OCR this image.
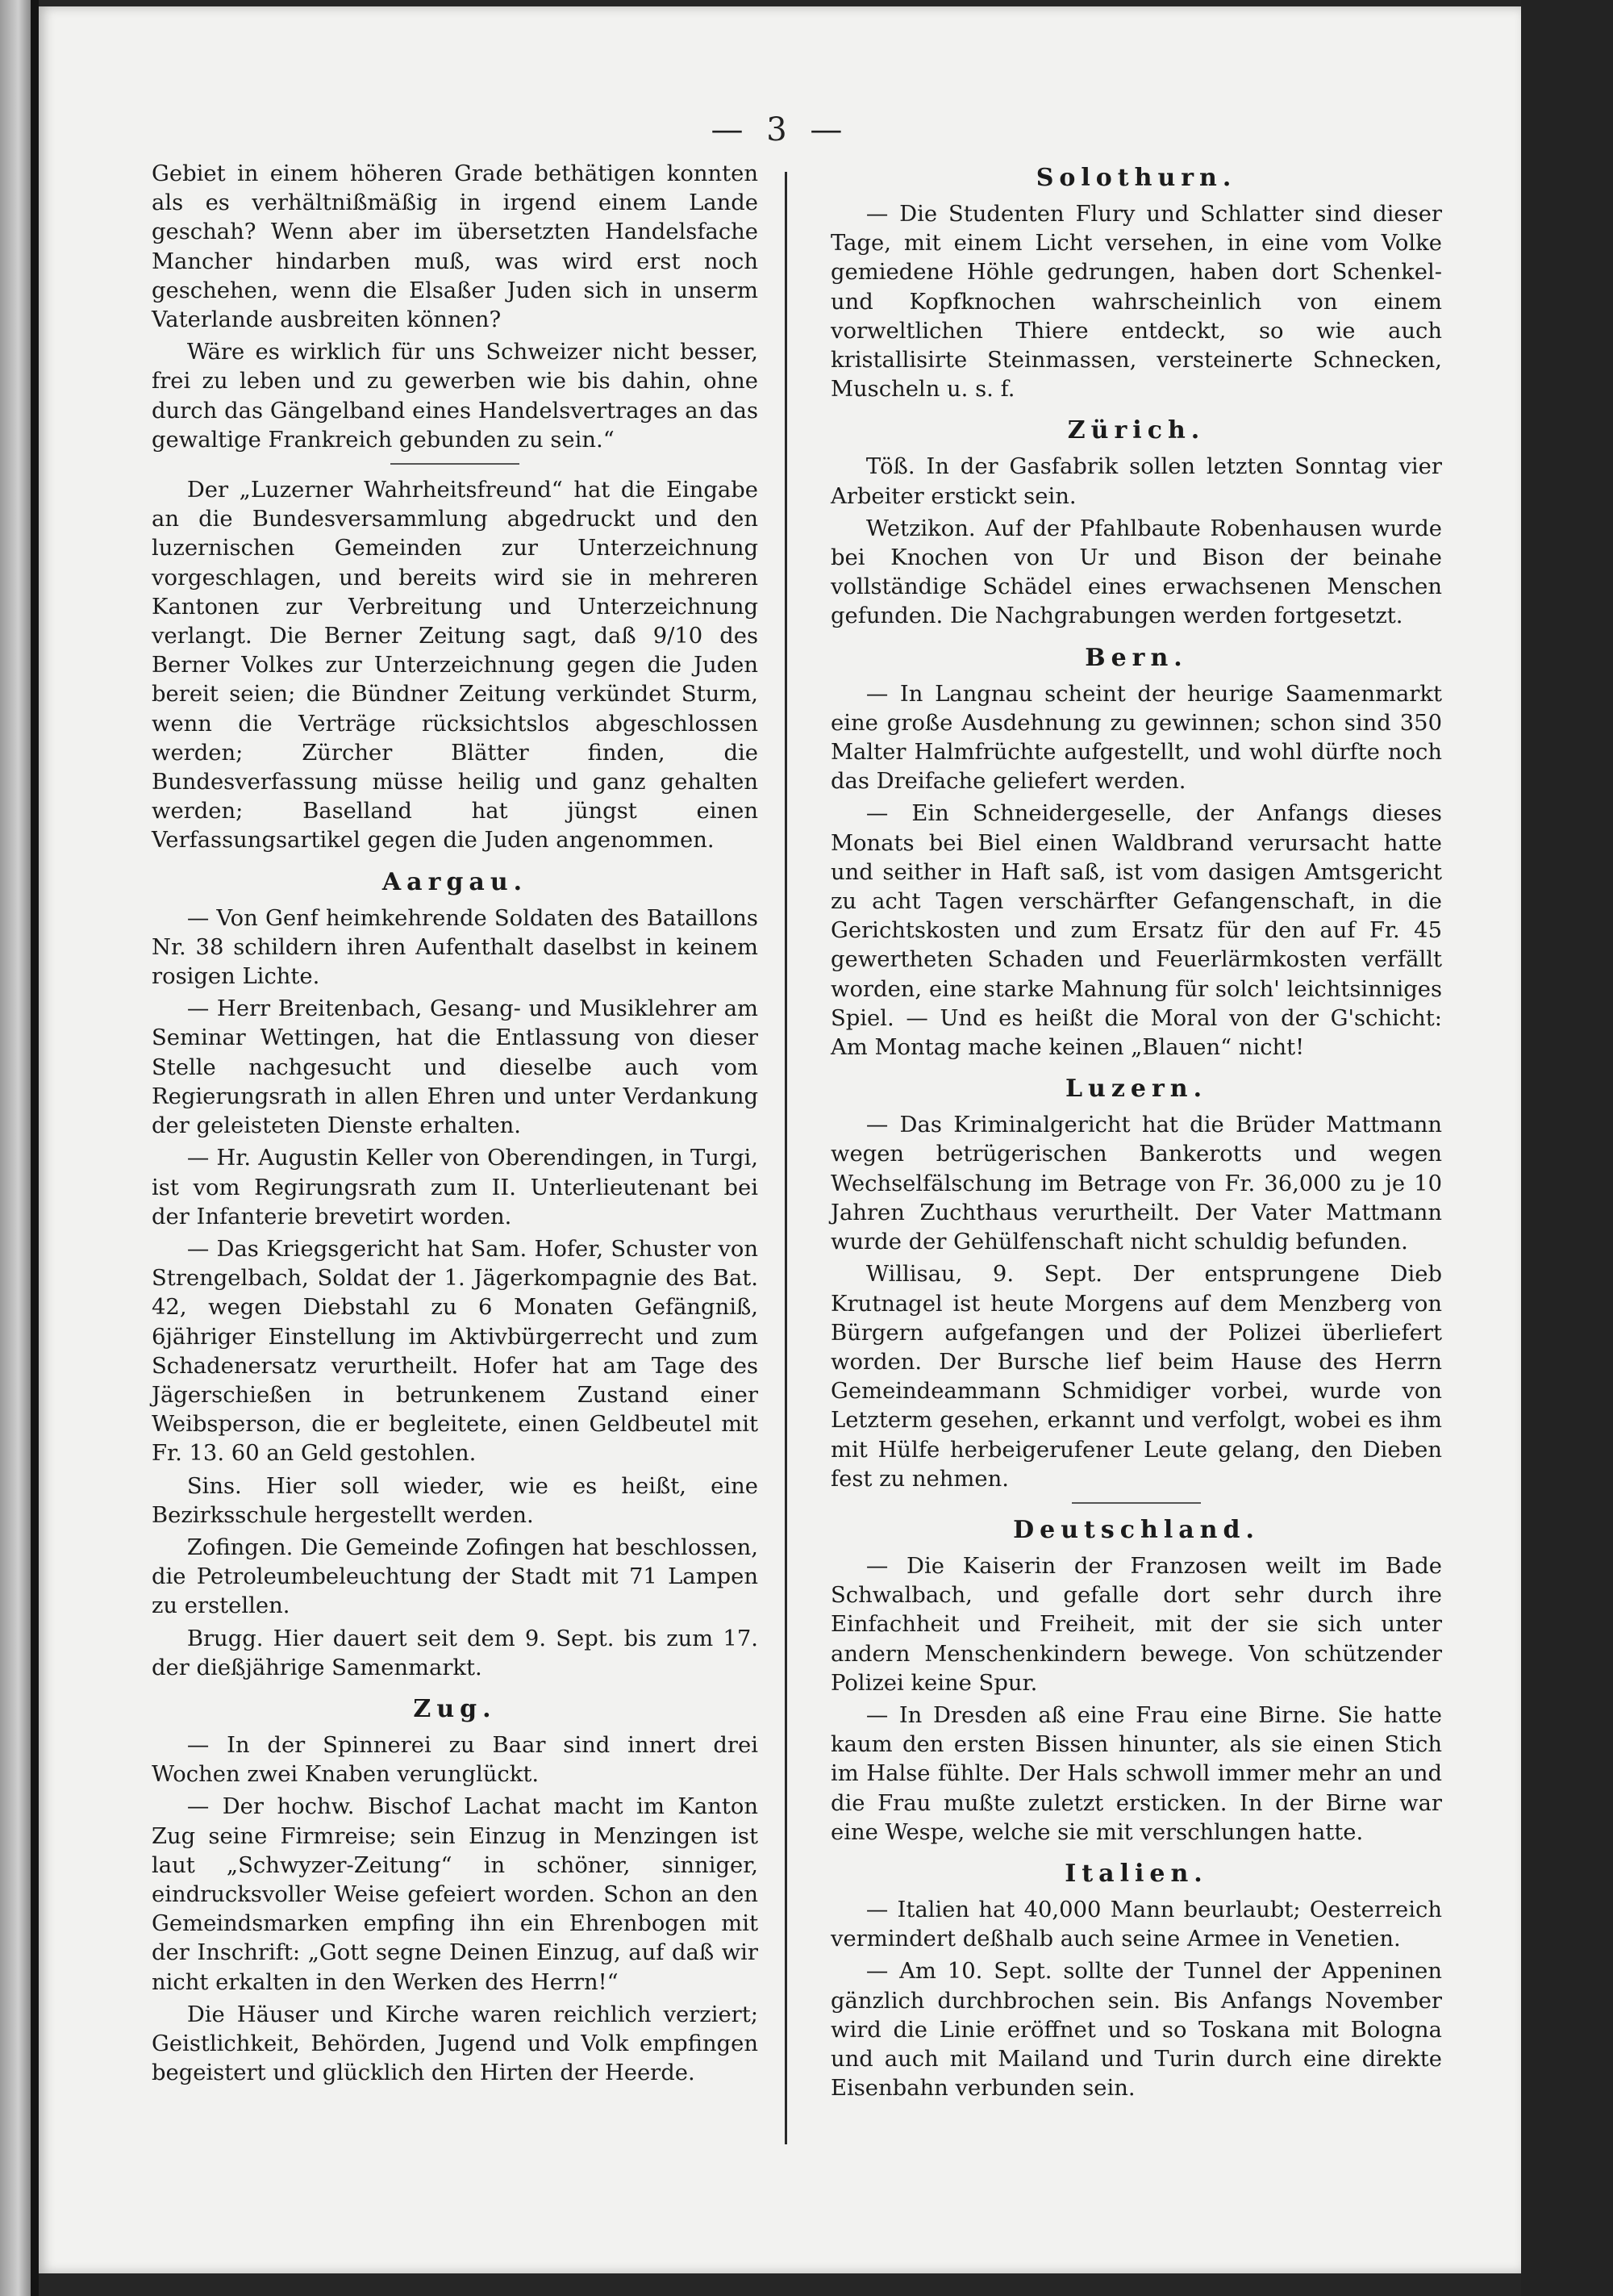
— 3 —

Gebiet in einem höheren Grade bethätigen konnten als es verhältnißmäßig in irgend einem Lande geschah? Wenn aber im übersetzten Handelsfache Mancher hindarben muß, was wird erst noch geschehen, wenn die Elsaßer Juden sich in unserm Vaterlande ausbreiten können?

Wäre es wirklich für uns Schweizer nicht besser, frei zu leben und zu gewerben wie bis dahin, ohne durch das Gängelband eines Handelsvertrages an das gewaltige Frankreich gebunden zu sein.“

Der „Luzerner Wahrheitsfreund“ hat die Eingabe an die Bundesversammlung abgedruckt und den luzernischen Gemeinden zur Unterzeichnung vorgeschlagen, und bereits wird sie in mehreren Kantonen zur Verbreitung und Unterzeichnung verlangt. Die Berner Zeitung sagt, daß 9/10 des Berner Volkes zur Unterzeichnung gegen die Juden bereit seien; die Bündner Zeitung verkündet Sturm, wenn die Verträge rücksichtslos abgeschlossen werden; Zürcher Blätter finden, die Bundesverfassung müsse heilig und ganz gehalten werden; Baselland hat jüngst einen Verfassungsartikel gegen die Juden angenommen.

Aargau.

— Von Genf heimkehrende Soldaten des Bataillons Nr. 38 schildern ihren Aufenthalt daselbst in keinem rosigen Lichte.

— Herr Breitenbach, Gesang- und Musiklehrer am Seminar Wettingen, hat die Entlassung von dieser Stelle nachgesucht und dieselbe auch vom Regierungsrath in allen Ehren und unter Verdankung der geleisteten Dienste erhalten.

— Hr. Augustin Keller von Oberendingen, in Turgi, ist vom Regirungsrath zum II. Unterlieutenant bei der Infanterie brevetirt worden.

— Das Kriegsgericht hat Sam. Hofer, Schuster von Strengelbach, Soldat der 1. Jägerkompagnie des Bat. 42, wegen Diebstahl zu 6 Monaten Gefängniß, 6jähriger Einstellung im Aktivbürgerrecht und zum Schadenersatz verurtheilt. Hofer hat am Tage des Jägerschießen in betrunkenem Zustand einer Weibsperson, die er begleitete, einen Geldbeutel mit Fr. 13. 60 an Geld gestohlen.

Sins. Hier soll wieder, wie es heißt, eine Bezirksschule hergestellt werden.

Zofingen. Die Gemeinde Zofingen hat beschlossen, die Petroleumbeleuchtung der Stadt mit 71 Lampen zu erstellen.

Brugg. Hier dauert seit dem 9. Sept. bis zum 17. der dießjährige Samenmarkt.

Zug.

— In der Spinnerei zu Baar sind innert drei Wochen zwei Knaben verunglückt.

— Der hochw. Bischof Lachat macht im Kanton Zug seine Firmreise; sein Einzug in Menzingen ist laut „Schwyzer-Zeitung“ in schöner, sinniger, eindrucksvoller Weise gefeiert worden. Schon an den Gemeindsmarken empfing ihn ein Ehrenbogen mit der Inschrift: „Gott segne Deinen Einzug, auf daß wir nicht erkalten in den Werken des Herrn!“

Die Häuser und Kirche waren reichlich verziert; Geistlichkeit, Behörden, Jugend und Volk empfingen begeistert und glücklich den Hirten der Heerde.

Solothurn.

— Die Studenten Flury und Schlatter sind dieser Tage, mit einem Licht versehen, in eine vom Volke gemiedene Höhle gedrungen, haben dort Schenkel- und Kopfknochen wahrscheinlich von einem vorweltlichen Thiere entdeckt, so wie auch kristallisirte Steinmassen, versteinerte Schnecken, Muscheln u. s. f.

Zürich.

Töß. In der Gasfabrik sollen letzten Sonntag vier Arbeiter erstickt sein.

Wetzikon. Auf der Pfahlbaute Robenhausen wurde bei Knochen von Ur und Bison der beinahe vollständige Schädel eines erwachsenen Menschen gefunden. Die Nachgrabungen werden fortgesetzt.

Bern.

— In Langnau scheint der heurige Saamenmarkt eine große Ausdehnung zu gewinnen; schon sind 350 Malter Halmfrüchte aufgestellt, und wohl dürfte noch das Dreifache geliefert werden.

— Ein Schneidergeselle, der Anfangs dieses Monats bei Biel einen Waldbrand verursacht hatte und seither in Haft saß, ist vom dasigen Amtsgericht zu acht Tagen verschärfter Gefangenschaft, in die Gerichtskosten und zum Ersatz für den auf Fr. 45 gewertheten Schaden und Feuerlärmkosten verfällt worden, eine starke Mahnung für solch' leichtsinniges Spiel. — Und es heißt die Moral von der G'schicht: Am Montag mache keinen „Blauen“ nicht!

Luzern.

— Das Kriminalgericht hat die Brüder Mattmann wegen betrügerischen Bankerotts und wegen Wechselfälschung im Betrage von Fr. 36,000 zu je 10 Jahren Zuchthaus verurtheilt. Der Vater Mattmann wurde der Gehülfenschaft nicht schuldig befunden.

Willisau, 9. Sept. Der entsprungene Dieb Krutnagel ist heute Morgens auf dem Menzberg von Bürgern aufgefangen und der Polizei überliefert worden. Der Bursche lief beim Hause des Herrn Gemeindeammann Schmidiger vorbei, wurde von Letzterm gesehen, erkannt und verfolgt, wobei es ihm mit Hülfe herbeigerufener Leute gelang, den Dieben fest zu nehmen.

Deutschland.

— Die Kaiserin der Franzosen weilt im Bade Schwalbach, und gefalle dort sehr durch ihre Einfachheit und Freiheit, mit der sie sich unter andern Menschenkindern bewege. Von schützender Polizei keine Spur.

— In Dresden aß eine Frau eine Birne. Sie hatte kaum den ersten Bissen hinunter, als sie einen Stich im Halse fühlte. Der Hals schwoll immer mehr an und die Frau mußte zuletzt ersticken. In der Birne war eine Wespe, welche sie mit verschlungen hatte.

Italien.

— Italien hat 40,000 Mann beurlaubt; Oesterreich vermindert deßhalb auch seine Armee in Venetien.

— Am 10. Sept. sollte der Tunnel der Appeninen gänzlich durchbrochen sein. Bis Anfangs November wird die Linie eröffnet und so Toskana mit Bologna und auch mit Mailand und Turin durch eine direkte Eisenbahn verbunden sein.
